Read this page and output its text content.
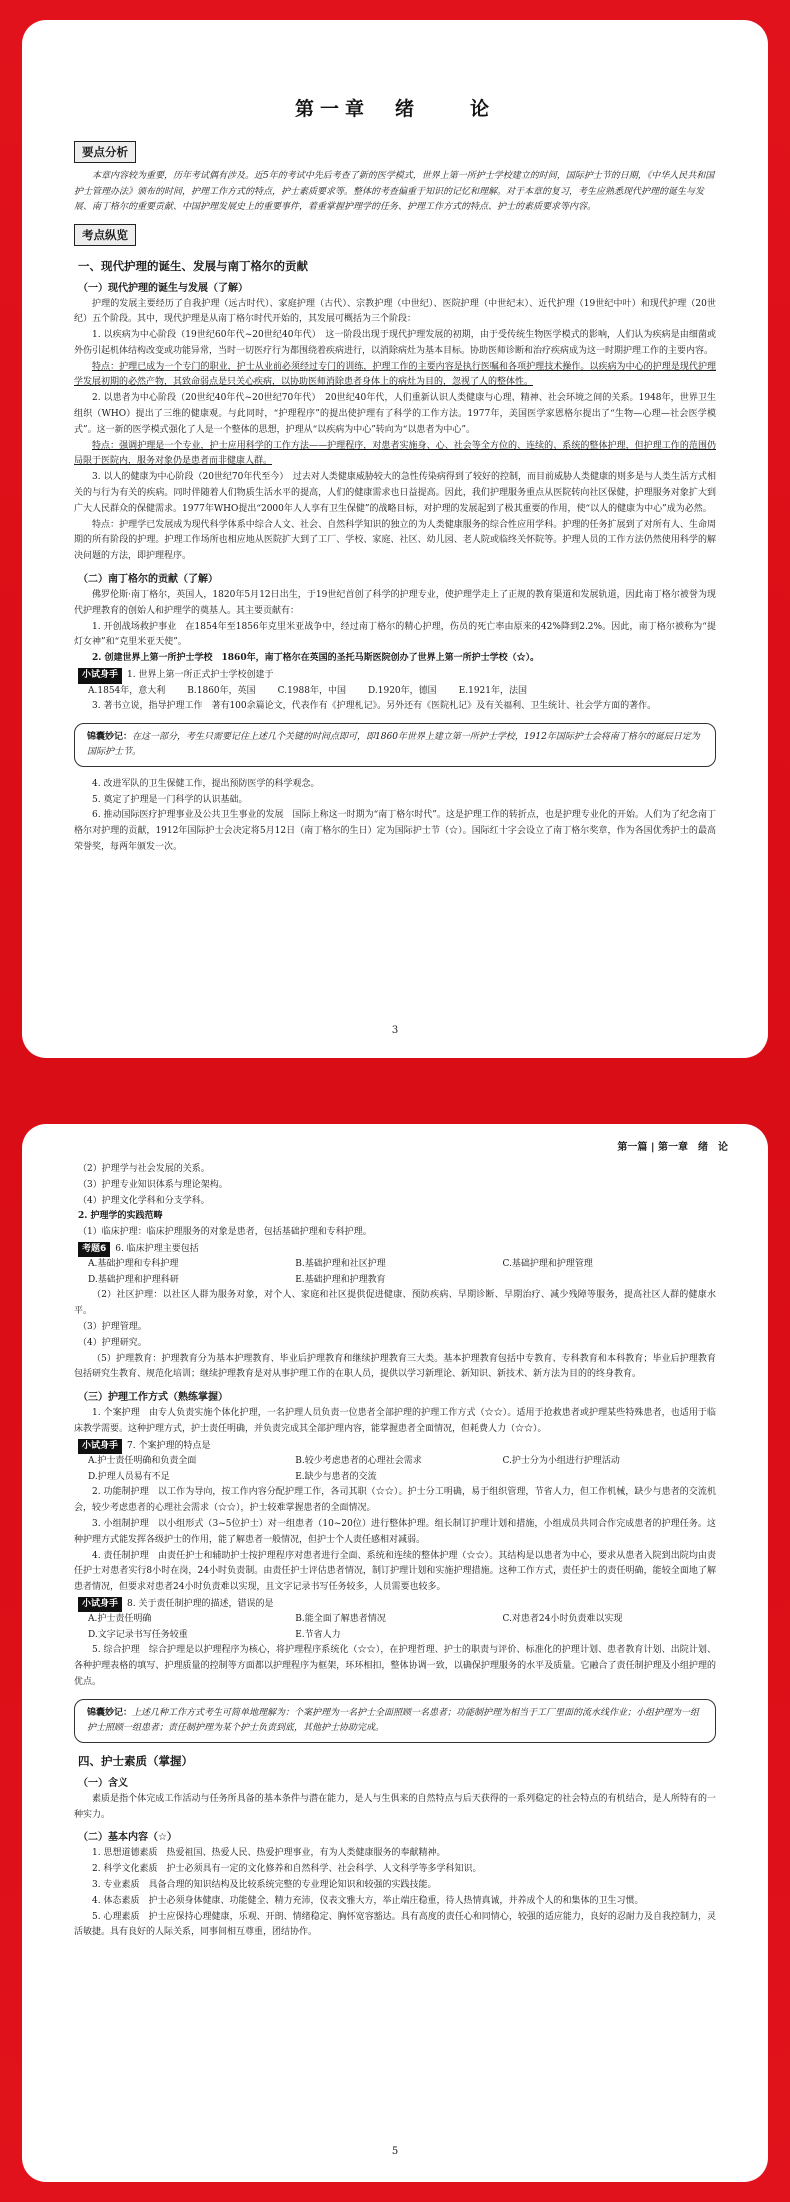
第一章　绪　　论
要点分析

本章内容较为重要，历年考试偶有涉及。近5年的考试中先后考查了新的医学模式，世界上第一所护士学校建立的时间，国际护士节的日期，《中华人民共和国护士管理办法》颁布的时间，护理工作方式的特点，护士素质要求等。整体的考查偏重于知识的记忆和理解。对于本章的复习，考生应熟悉现代护理的诞生与发展、南丁格尔的重要贡献、中国护理发展史上的重要事件，着重掌握护理学的任务、护理工作方式的特点、护士的素质要求等内容。

考点纵览
一、现代护理的诞生、发展与南丁格尔的贡献
（一）现代护理的诞生与发展（了解）

护理的发展主要经历了自我护理（远古时代）、家庭护理（古代）、宗教护理（中世纪）、医院护理（中世纪末）、近代护理（19世纪中叶）和现代护理（20世纪）五个阶段。其中，现代护理是从南丁格尔时代开始的，其发展可概括为三个阶段：

1. 以疾病为中心阶段（19世纪60年代~20世纪40年代）　这一阶段出现于现代护理发展的初期，由于受传统生物医学模式的影响，人们认为疾病是由细菌或外伤引起机体结构改变或功能异常，当时一切医疗行为都围绕着疾病进行，以消除病灶为基本目标。协助医师诊断和治疗疾病成为这一时期护理工作的主要内容。

特点：护理已成为一个专门的职业，护士从业前必须经过专门的训练，护理工作的主要内容是执行医嘱和各项护理技术操作。以疾病为中心的护理是现代护理学发展初期的必然产物，其致命弱点是只关心疾病，以协助医师消除患者身体上的病灶为目的，忽视了人的整体性。

2. 以患者为中心阶段（20世纪40年代~20世纪70年代）　20世纪40年代，人们重新认识人类健康与心理、精神、社会环境之间的关系。1948年，世界卫生组织（WHO）提出了三维的健康观。与此同时，“护理程序”的提出使护理有了科学的工作方法。1977年，美国医学家恩格尔提出了“生物—心理—社会医学模式”。这一新的医学模式强化了人是一个整体的思想，护理从“以疾病为中心”转向为“以患者为中心”。

特点：强调护理是一个专业，护士应用科学的工作方法——护理程序，对患者实施身、心、社会等全方位的、连续的、系统的整体护理，但护理工作的范围仍局限于医院内，服务对象仍是患者而非健康人群。

3. 以人的健康为中心阶段（20世纪70年代至今）　过去对人类健康威胁较大的急性传染病得到了较好的控制，而目前威胁人类健康的则多是与人类生活方式相关的与行为有关的疾病。同时伴随着人们物质生活水平的提高，人们的健康需求也日益提高。因此，我们护理服务重点从医院转向社区保健，护理服务对象扩大到广大人民群众的保健需求。1977年WHO提出“2000年人人享有卫生保健”的战略目标，对护理的发展起到了极其重要的作用，使“以人的健康为中心”成为必然。

特点：护理学已发展成为现代科学体系中综合人文、社会、自然科学知识的独立的为人类健康服务的综合性应用学科。护理的任务扩展到了对所有人、生命周期的所有阶段的护理。护理工作场所也相应地从医院扩大到了工厂、学校、家庭、社区、幼儿园、老人院或临终关怀院等。护理人员的工作方法仍然使用科学的解决问题的方法，即护理程序。

（二）南丁格尔的贡献（了解）

佛罗伦斯·南丁格尔，英国人，1820年5月12日出生，于19世纪首创了科学的护理专业，使护理学走上了正规的教育渠道和发展轨道，因此南丁格尔被誉为现代护理教育的创始人和护理学的奠基人。其主要贡献有：

1. 开创战场救护事业　在1854年至1856年克里米亚战争中，经过南丁格尔的精心护理，伤员的死亡率由原来的42%降到2.2%。因此，南丁格尔被称为“提灯女神”和“克里米亚天使”。

2. 创建世界上第一所护士学校　1860年，南丁格尔在英国的圣托马斯医院创办了世界上第一所护士学校（☆）。

小试身手 1. 世界上第一所正式护士学校创建于
A.1854年，意大利 B.1860年，英国 C.1988年，中国 D.1920年，德国 E.1921年，法国

3. 著书立说，指导护理工作　著有100余篇论文，代表作有《护理札记》。另外还有《医院札记》及有关福利、卫生统计、社会学方面的著作。

锦囊妙记：在这一部分，考生只需要记住上述几个关键的时间点即可，即1860年世界上建立第一所护士学校，1912年国际护士会将南丁格尔的诞辰日定为国际护士节。

4. 改进军队的卫生保健工作，提出预防医学的科学观念。

5. 奠定了护理是一门科学的认识基础。

6. 推动国际医疗护理事业及公共卫生事业的发展　国际上称这一时期为“南丁格尔时代”。这是护理工作的转折点，也是护理专业化的开始。人们为了纪念南丁格尔对护理的贡献，1912年国际护士会决定将5月12日（南丁格尔的生日）定为国际护士节（☆）。国际红十字会设立了南丁格尔奖章，作为各国优秀护士的最高荣誉奖，每两年颁发一次。

3
第一篇 | 第一章　绪　论

（2）护理学与社会发展的关系。

（3）护理专业知识体系与理论架构。

（4）护理文化学科和分支学科。

2. 护理学的实践范畴

（1）临床护理：临床护理服务的对象是患者，包括基础护理和专科护理。

考题6 6. 临床护理主要包括
A.基础护理和专科护理	B.基础护理和社区护理	C.基础护理和护理管理
D.基础护理和护理科研	E.基础护理和护理教育

（2）社区护理：以社区人群为服务对象，对个人、家庭和社区提供促进健康、预防疾病、早期诊断、早期治疗、减少残障等服务，提高社区人群的健康水平。

（3）护理管理。

（4）护理研究。

（5）护理教育：护理教育分为基本护理教育、毕业后护理教育和继续护理教育三大类。基本护理教育包括中专教育、专科教育和本科教育；毕业后护理教育包括研究生教育、规范化培训；继续护理教育是对从事护理工作的在职人员，提供以学习新理论、新知识、新技术、新方法为目的的终身教育。

（三）护理工作方式（熟练掌握）

1. 个案护理　由专人负责实施个体化护理，一名护理人员负责一位患者全部护理的护理工作方式（☆☆）。适用于抢救患者或护理某些特殊患者，也适用于临床教学需要。这种护理方式，护士责任明确，并负责完成其全部护理内容，能掌握患者全面情况，但耗费人力（☆☆）。

小试身手 7. 个案护理的特点是
A.护士责任明确和负责全面	B.较少考虑患者的心理社会需求	C.护士分为小组进行护理活动
D.护理人员易有不足	E.缺少与患者的交流

2. 功能制护理　以工作为导向，按工作内容分配护理工作，各司其职（☆☆）。护士分工明确，易于组织管理，节省人力，但工作机械，缺少与患者的交流机会，较少考虑患者的心理社会需求（☆☆），护士较难掌握患者的全面情况。

3. 小组制护理　以小组形式（3~5位护士）对一组患者（10~20位）进行整体护理。组长制订护理计划和措施，小组成员共同合作完成患者的护理任务。这种护理方式能发挥各级护士的作用，能了解患者一般情况，但护士个人责任感相对减弱。

4. 责任制护理　由责任护士和辅助护士按护理程序对患者进行全面、系统和连续的整体护理（☆☆）。其结构是以患者为中心，要求从患者入院到出院均由责任护士对患者实行8小时在岗，24小时负责制。由责任护士评估患者情况，制订护理计划和实施护理措施。这种工作方式，责任护士的责任明确，能较全面地了解患者情况，但要求对患者24小时负责难以实现，且文字记录书写任务较多，人员需要也较多。

小试身手 8. 关于责任制护理的描述，错误的是
A.护士责任明确	B.能全面了解患者情况	C.对患者24小时负责难以实现
D.文字记录书写任务较重	E.节省人力

5. 综合护理　综合护理是以护理程序为核心，将护理程序系统化（☆☆），在护理哲理、护士的职责与评价、标准化的护理计划、患者教育计划、出院计划、各种护理表格的填写、护理质量的控制等方面都以护理程序为框架，环环相扣，整体协调一致，以确保护理服务的水平及质量。它融合了责任制护理及小组护理的优点。

锦囊妙记：上述几种工作方式考生可简单地理解为：个案护理为一名护士全面照顾一名患者；功能制护理为相当于工厂里面的流水线作业；小组护理为一组护士照顾一组患者；责任制护理为某个护士负责到底，其他护士协助完成。
四、护士素质（掌握）
（一）含义

素质是指个体完成工作活动与任务所具备的基本条件与潜在能力，是人与生俱来的自然特点与后天获得的一系列稳定的社会特点的有机结合，是人所特有的一种实力。

（二）基本内容（☆）

1. 思想道德素质　热爱祖国、热爱人民、热爱护理事业，有为人类健康服务的奉献精神。

2. 科学文化素质　护士必须具有一定的文化修养和自然科学、社会科学、人文科学等多学科知识。

3. 专业素质　具备合理的知识结构及比较系统完整的专业理论知识和较强的实践技能。

4. 体态素质　护士必须身体健康、功能健全、精力充沛，仪表文雅大方，举止端庄稳重，待人热情真诚，并养成个人的和集体的卫生习惯。

5. 心理素质　护士应保持心理健康，乐观、开朗、情绪稳定、胸怀宽容豁达。具有高度的责任心和同情心，较强的适应能力，良好的忍耐力及自我控制力，灵活敏捷。具有良好的人际关系，同事间相互尊重，团结协作。

5
